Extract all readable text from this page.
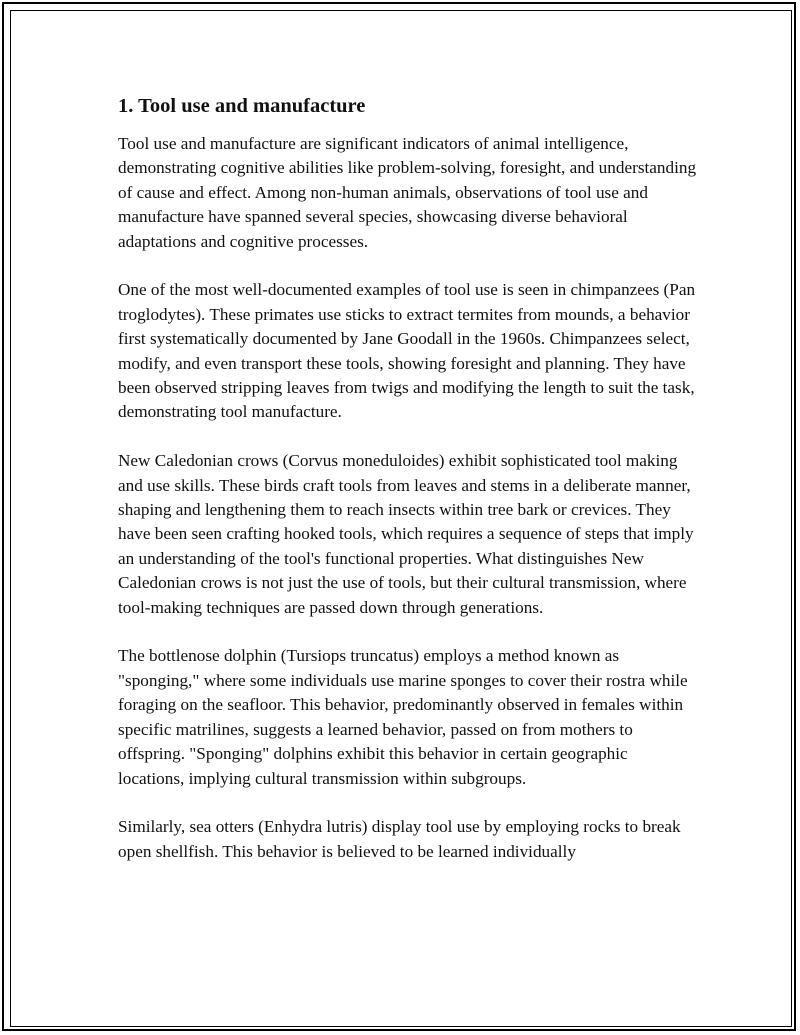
1. Tool use and manufacture

Tool use and manufacture are significant indicators of animal intelligence, demonstrating cognitive abilities like problem-solving, foresight, and understanding of cause and effect. Among non-human animals, observations of tool use and manufacture have spanned several species, showcasing diverse behavioral adaptations and cognitive processes.

One of the most well-documented examples of tool use is seen in chimpanzees (Pan troglodytes). These primates use sticks to extract termites from mounds, a behavior first systematically documented by Jane Goodall in the 1960s. Chimpanzees select, modify, and even transport these tools, showing foresight and planning. They have been observed stripping leaves from twigs and modifying the length to suit the task, demonstrating tool manufacture.

New Caledonian crows (Corvus moneduloides) exhibit sophisticated tool making and use skills. These birds craft tools from leaves and stems in a deliberate manner, shaping and lengthening them to reach insects within tree bark or crevices. They have been seen crafting hooked tools, which requires a sequence of steps that imply an understanding of the tool's functional properties. What distinguishes New Caledonian crows is not just the use of tools, but their cultural transmission, where tool-making techniques are passed down through generations.

The bottlenose dolphin (Tursiops truncatus) employs a method known as "sponging," where some individuals use marine sponges to cover their rostra while foraging on the seafloor. This behavior, predominantly observed in females within specific matrilines, suggests a learned behavior, passed on from mothers to offspring. "Sponging" dolphins exhibit this behavior in certain geographic locations, implying cultural transmission within subgroups.

Similarly, sea otters (Enhydra lutris) display tool use by employing rocks to break open shellfish. This behavior is believed to be learned individually
